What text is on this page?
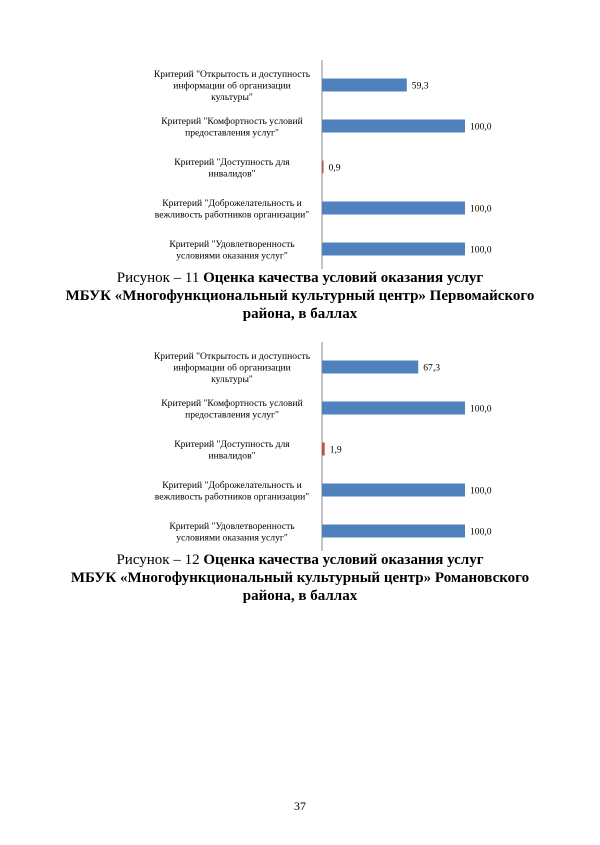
Критерий "Открытость и доступность информации об организации культуры"
59,3
Критерий "Комфортность условий предоставления услуг"
100,0
Критерий "Доступность для инвалидов"
0,9
Критерий "Доброжелательность и вежливость работников организации"
100,0
Критерий "Удовлетворенность условиями оказания услуг"
100,0
Рисунок – 11 Оценка качества условий оказания услуг
МБУК «Многофункциональный культурный центр» Первомайского района, в баллах
Критерий "Открытость и доступность информации об организации культуры"
67,3
Критерий "Комфортность условий предоставления услуг"
100,0
Критерий "Доступность для инвалидов"
1,9
Критерий "Доброжелательность и вежливость работников организации"
100,0
Критерий "Удовлетворенность условиями оказания услуг"
100,0
Рисунок – 12 Оценка качества условий оказания услуг
МБУК «Многофункциональный культурный центр» Романовского района, в баллах
37
